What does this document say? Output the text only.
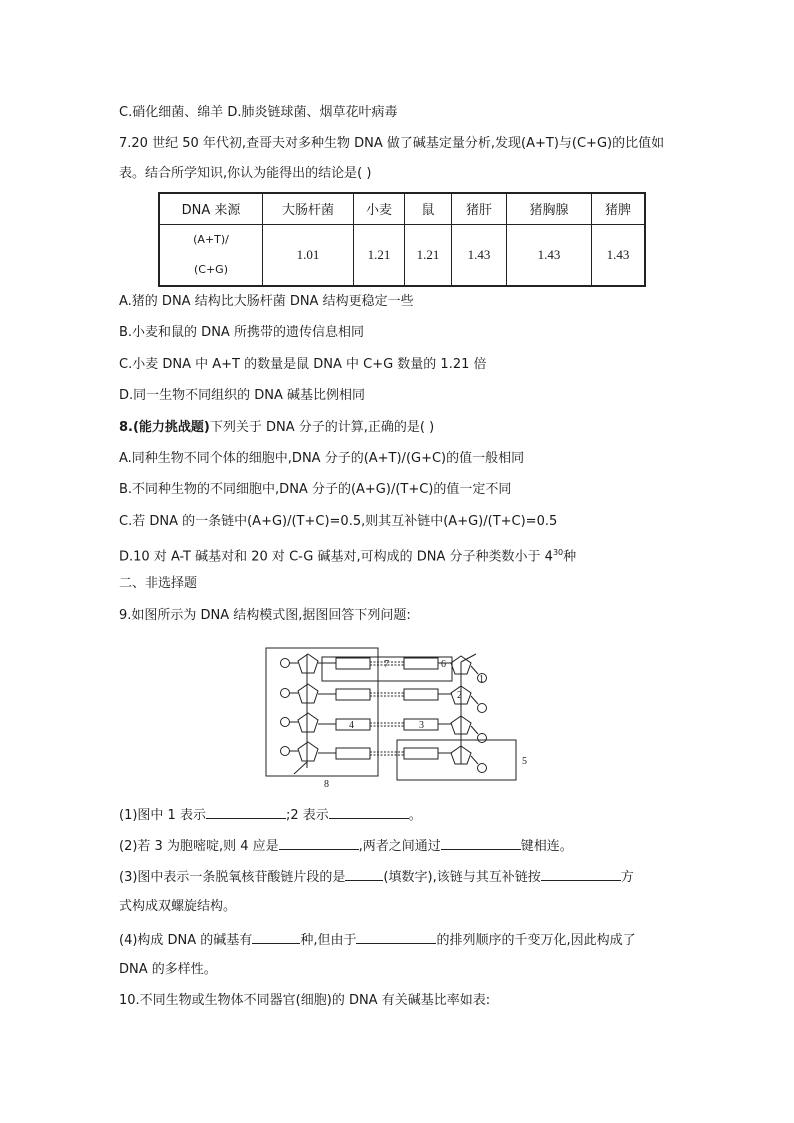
C.硝化细菌、绵羊 D.肺炎链球菌、烟草花叶病毒
7.20 世纪 50 年代初,查哥夫对多种生物 DNA 做了碱基定量分析,发现(A+T)与(C+G)的比值如
表。结合所学知识,你认为能得出的结论是( )
DNA 来源	大肠杆菌	小麦	鼠	猪肝	猪胸腺	猪脾

(A+T)/
(C+G)	1.01	1.21	1.21	1.43	1.43	1.43
A.猪的 DNA 结构比大肠杆菌 DNA 结构更稳定一些
B.小麦和鼠的 DNA 所携带的遗传信息相同
C.小麦 DNA 中 A+T 的数量是鼠 DNA 中 C+G 数量的 1.21 倍
D.同一生物不同组织的 DNA 碱基比例相同
8.(能力挑战题)下列关于 DNA 分子的计算,正确的是( )
A.同种生物不同个体的细胞中,DNA 分子的(A+T)/(G+C)的值一般相同
B.不同种生物的不同细胞中,DNA 分子的(A+G)/(T+C)的值一定不同
C.若 DNA 的一条链中(A+G)/(T+C)=0.5,则其互补链中(A+G)/(T+C)=0.5
D.10 对 A-T 碱基对和 20 对 C-G 碱基对,可构成的 DNA 分子种类数小于 $4^{30}$种
二、非选择题
9.如图所示为 DNA 结构模式图,据图回答下列问题:
7	6
1
2
4	3
5
8
(1)图中 1 表示	;2 表示	。
(2)若 3 为胞嘧啶,则 4 应是	,两者之间通过	键相连。
(3)图中表示一条脱氧核苷酸链片段的是	(填数字),该链与其互补链按	方
式构成双螺旋结构。
(4)构成 DNA 的碱基有	种,但由于	的排列顺序的千变万化,因此构成了
DNA 的多样性。
10.不同生物或生物体不同器官(细胞)的 DNA 有关碱基比率如表:
